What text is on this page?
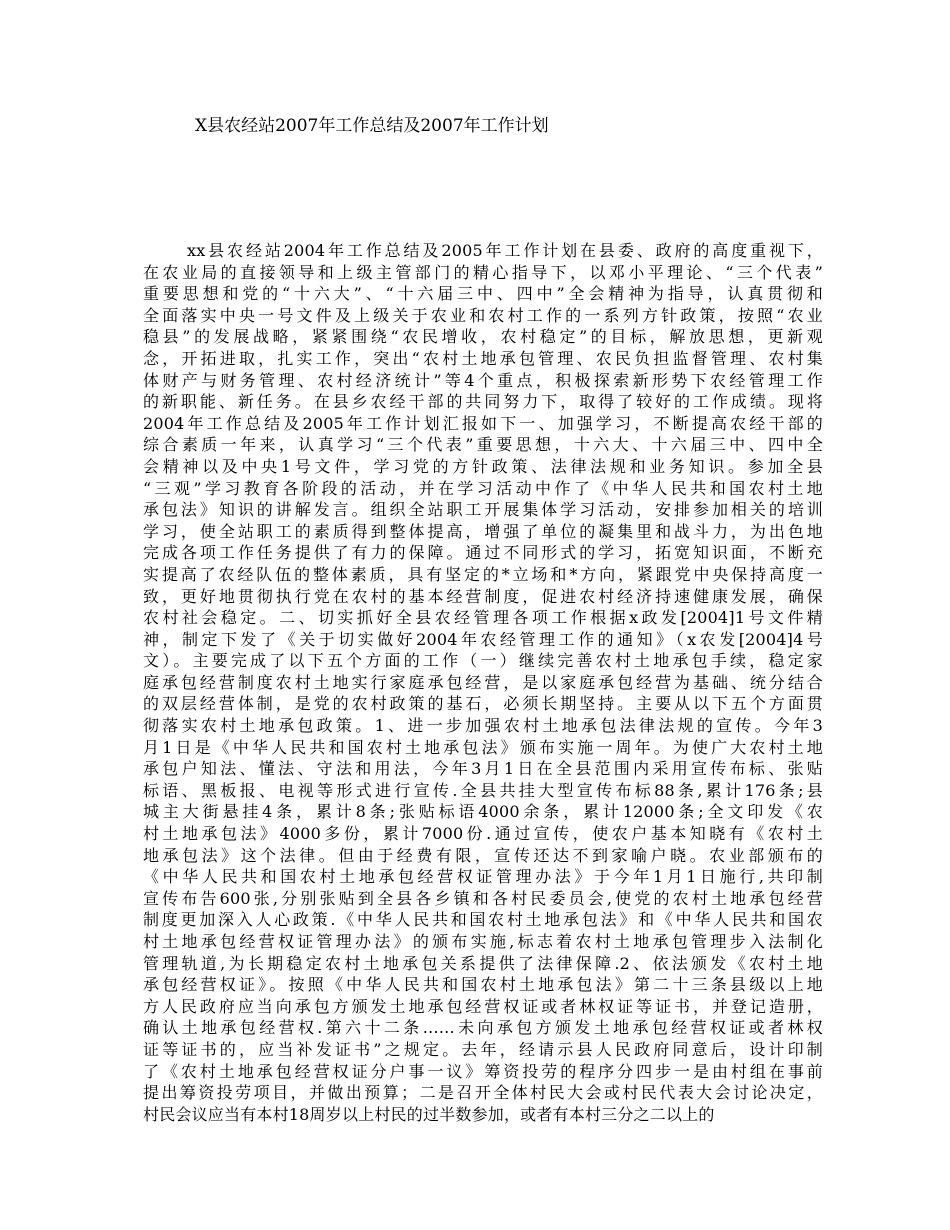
X县农经站2007年工作总结及2007年工作计划
xx县农经站2004年工作总结及2005年工作计划在县委、政府的高度重视下，
在农业局的直接领导和上级主管部门的精心指导下，以邓小平理论、“三个代表”
重要思想和党的“十六大”、“十六届三中、四中”全会精神为指导，认真贯彻和
全面落实中央一号文件及上级关于农业和农村工作的一系列方针政策，按照“农业
稳县”的发展战略，紧紧围绕“农民增收，农村稳定”的目标，解放思想，更新观
念，开拓进取，扎实工作，突出“农村土地承包管理、农民负担监督管理、农村集
体财产与财务管理、农村经济统计”等4个重点，积极探索新形势下农经管理工作
的新职能、新任务。在县乡农经干部的共同努力下，取得了较好的工作成绩。现将
2004年工作总结及2005年工作计划汇报如下一、加强学习，不断提高农经干部的
综合素质一年来，认真学习“三个代表”重要思想，十六大、十六届三中、四中全
会精神以及中央1号文件，学习党的方针政策、法律法规和业务知识。参加全县
“三观”学习教育各阶段的活动，并在学习活动中作了《中华人民共和国农村土地
承包法》知识的讲解发言。组织全站职工开展集体学习活动，安排参加相关的培训
学习，使全站职工的素质得到整体提高，增强了单位的凝集里和战斗力，为出色地
完成各项工作任务提供了有力的保障。通过不同形式的学习，拓宽知识面，不断充
实提高了农经队伍的整体素质，具有坚定的*立场和*方向，紧跟党中央保持高度一
致，更好地贯彻执行党在农村的基本经营制度，促进农村经济持速健康发展，确保
农村社会稳定。二、切实抓好全县农经管理各项工作根据x政发[2004]1号文件精
神，制定下发了《关于切实做好2004年农经管理工作的通知》（x农发[2004]4号
文）。主要完成了以下五个方面的工作（一）继续完善农村土地承包手续，稳定家
庭承包经营制度农村土地实行家庭承包经营，是以家庭承包经营为基础、统分结合
的双层经营体制，是党的农村政策的基石，必须长期坚持。主要从以下五个方面贯
彻落实农村土地承包政策。1、进一步加强农村土地承包法律法规的宣传。今年3
月1日是《中华人民共和国农村土地承包法》颁布实施一周年。为使广大农村土地
承包户知法、懂法、守法和用法，今年3月1日在全县范围内采用宣传布标、张贴
标语、黑板报、电视等形式进行宣传.全县共挂大型宣传布标88条,累计176条;县
城主大街悬挂4条，累计8条;张贴标语4000余条，累计12000条;全文印发《农
村土地承包法》4000多份，累计7000份.通过宣传，使农户基本知晓有《农村土
地承包法》这个法律。但由于经费有限，宣传还达不到家喻户晓。农业部颁布的
《中华人民共和国农村土地承包经营权证管理办法》于今年1月1日施行,共印制
宣传布告600张,分别张贴到全县各乡镇和各村民委员会,使党的农村土地承包经营
制度更加深入人心政策.《中华人民共和国农村土地承包法》和《中华人民共和国农
村土地承包经营权证管理办法》的颁布实施,标志着农村土地承包管理步入法制化
管理轨道,为长期稳定农村土地承包关系提供了法律保障.2、依法颁发《农村土地
承包经营权证》。按照《中华人民共和国农村土地承包法》第二十三条县级以上地
方人民政府应当向承包方颁发土地承包经营权证或者林权证等证书，并登记造册，
确认土地承包经营权.第六十二条……未向承包方颁发土地承包经营权证或者林权
证等证书的，应当补发证书”之规定。去年，经请示县人民政府同意后，设计印制
了《农村土地承包经营权证分户事一议》筹资投劳的程序分四步一是由村组在事前
提出筹资投劳项目，并做出预算；二是召开全体村民大会或村民代表大会讨论决定，
村民会议应当有本村18周岁以上村民的过半数参加，或者有本村三分之二以上的
